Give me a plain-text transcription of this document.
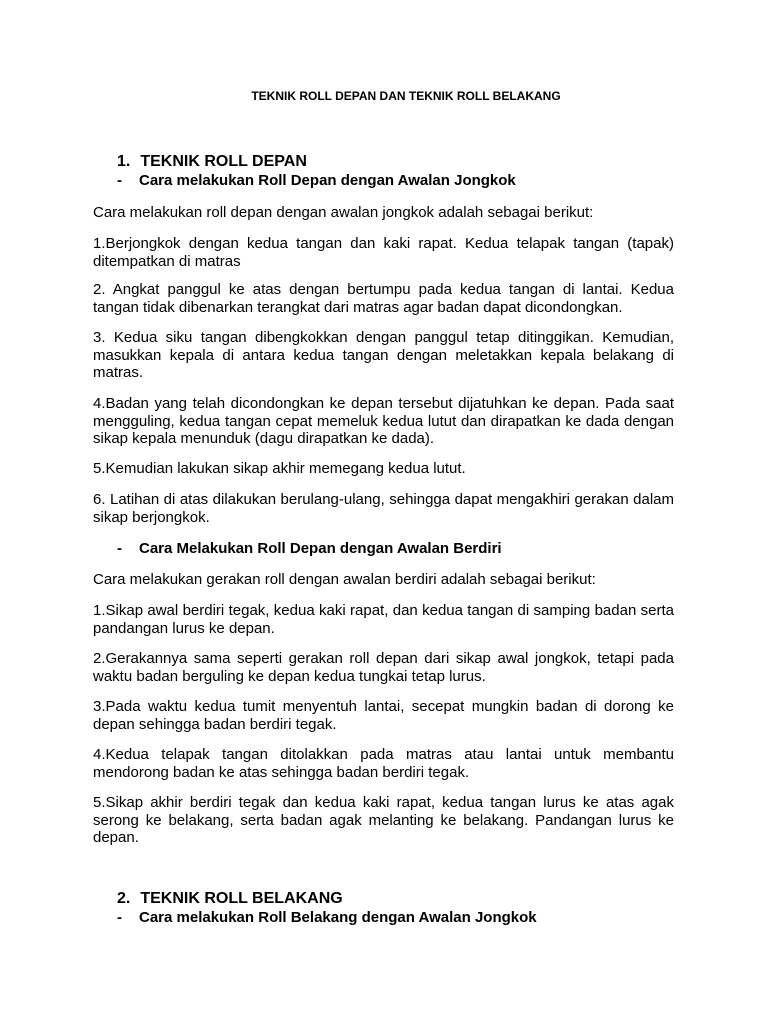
TEKNIK ROLL DEPAN DAN TEKNIK ROLL BELAKANG
1. TEKNIK ROLL DEPAN
-	Cara melakukan Roll Depan dengan Awalan Jongkok

Cara melakukan roll depan dengan awalan jongkok adalah sebagai berikut:

1.Berjongkok dengan kedua tangan dan kaki rapat. Kedua telapak tangan (tapak) ditempatkan di matras

2. Angkat panggul ke atas dengan bertumpu pada kedua tangan di lantai. Kedua tangan tidak dibenarkan terangkat dari matras agar badan dapat dicondongkan.

3. Kedua siku tangan dibengkokkan dengan panggul tetap ditinggikan. Kemudian, masukkan kepala di antara kedua tangan dengan meletakkan kepala belakang di matras.

4.Badan yang telah dicondongkan ke depan tersebut dijatuhkan ke depan. Pada saat mengguling, kedua tangan cepat memeluk kedua lutut dan dirapatkan ke dada dengan sikap kepala menunduk (dagu dirapatkan ke dada).

5.Kemudian lakukan sikap akhir memegang kedua lutut.

6. Latihan di atas dilakukan berulang-ulang, sehingga dapat mengakhiri gerakan dalam sikap berjongkok.

-	Cara Melakukan Roll Depan dengan Awalan Berdiri

Cara melakukan gerakan roll dengan awalan berdiri adalah sebagai berikut:

1.Sikap awal berdiri tegak, kedua kaki rapat, dan kedua tangan di samping badan serta pandangan lurus ke depan.

2.Gerakannya sama seperti gerakan roll depan dari sikap awal jongkok, tetapi pada waktu badan berguling ke depan kedua tungkai tetap lurus.

3.Pada waktu kedua tumit menyentuh lantai, secepat mungkin badan di dorong ke depan sehingga badan berdiri tegak.

4.Kedua telapak tangan ditolakkan pada matras atau lantai untuk membantu mendorong badan ke atas sehingga badan berdiri tegak.

5.Sikap akhir berdiri tegak dan kedua kaki rapat, kedua tangan lurus ke atas agak serong ke belakang, serta badan agak melanting ke belakang. Pandangan lurus ke depan.

2. TEKNIK ROLL BELAKANG
-	Cara melakukan Roll Belakang dengan Awalan Jongkok
